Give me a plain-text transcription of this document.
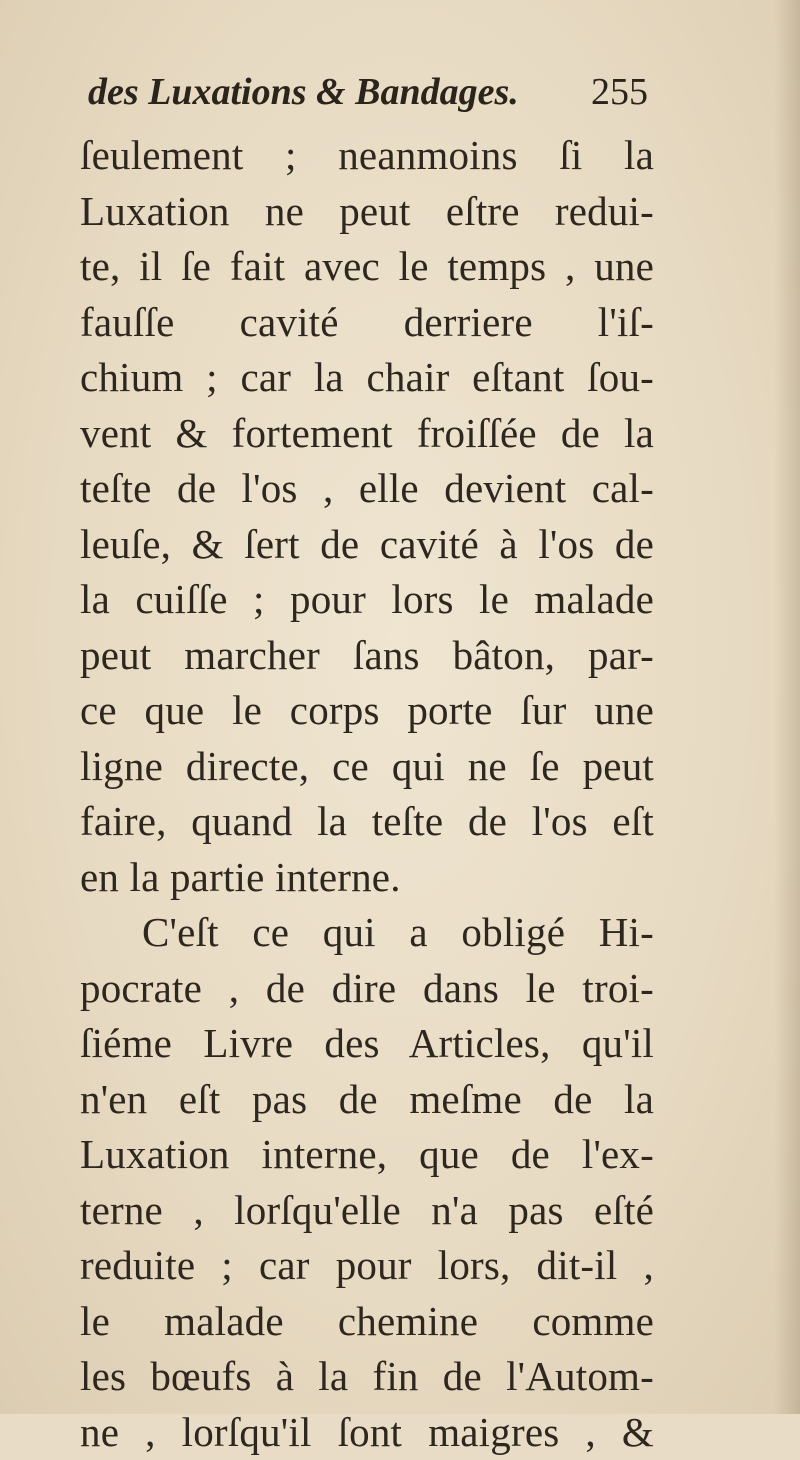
des Luxations & Bandages. 255
ſeulement ; neanmoins ſi la
Luxation ne peut eſtre redui-
te, il ſe fait avec le temps , une
fauſſe cavité derriere l'iſ-
chium ; car la chair eſtant ſou-
vent & fortement froiſſée de la
teſte de l'os , elle devient cal-
leuſe, & ſert de cavité à l'os de
la cuiſſe ; pour lors le malade
peut marcher ſans bâton, par-
ce que le corps porte ſur une
ligne directe, ce qui ne ſe peut
faire, quand la teſte de l'os eſt
en la partie interne.
C'eſt ce qui a obligé Hi-
pocrate , de dire dans le troi-
ſiéme Livre des Articles, qu'il
n'en eſt pas de meſme de la
Luxation interne, que de l'ex-
terne , lorſqu'elle n'a pas eſté
reduite ; car pour lors, dit-il ,
le malade chemine comme
les bœufs à la fin de l'Autom-
ne , lorſqu'il ſont maigres , &
